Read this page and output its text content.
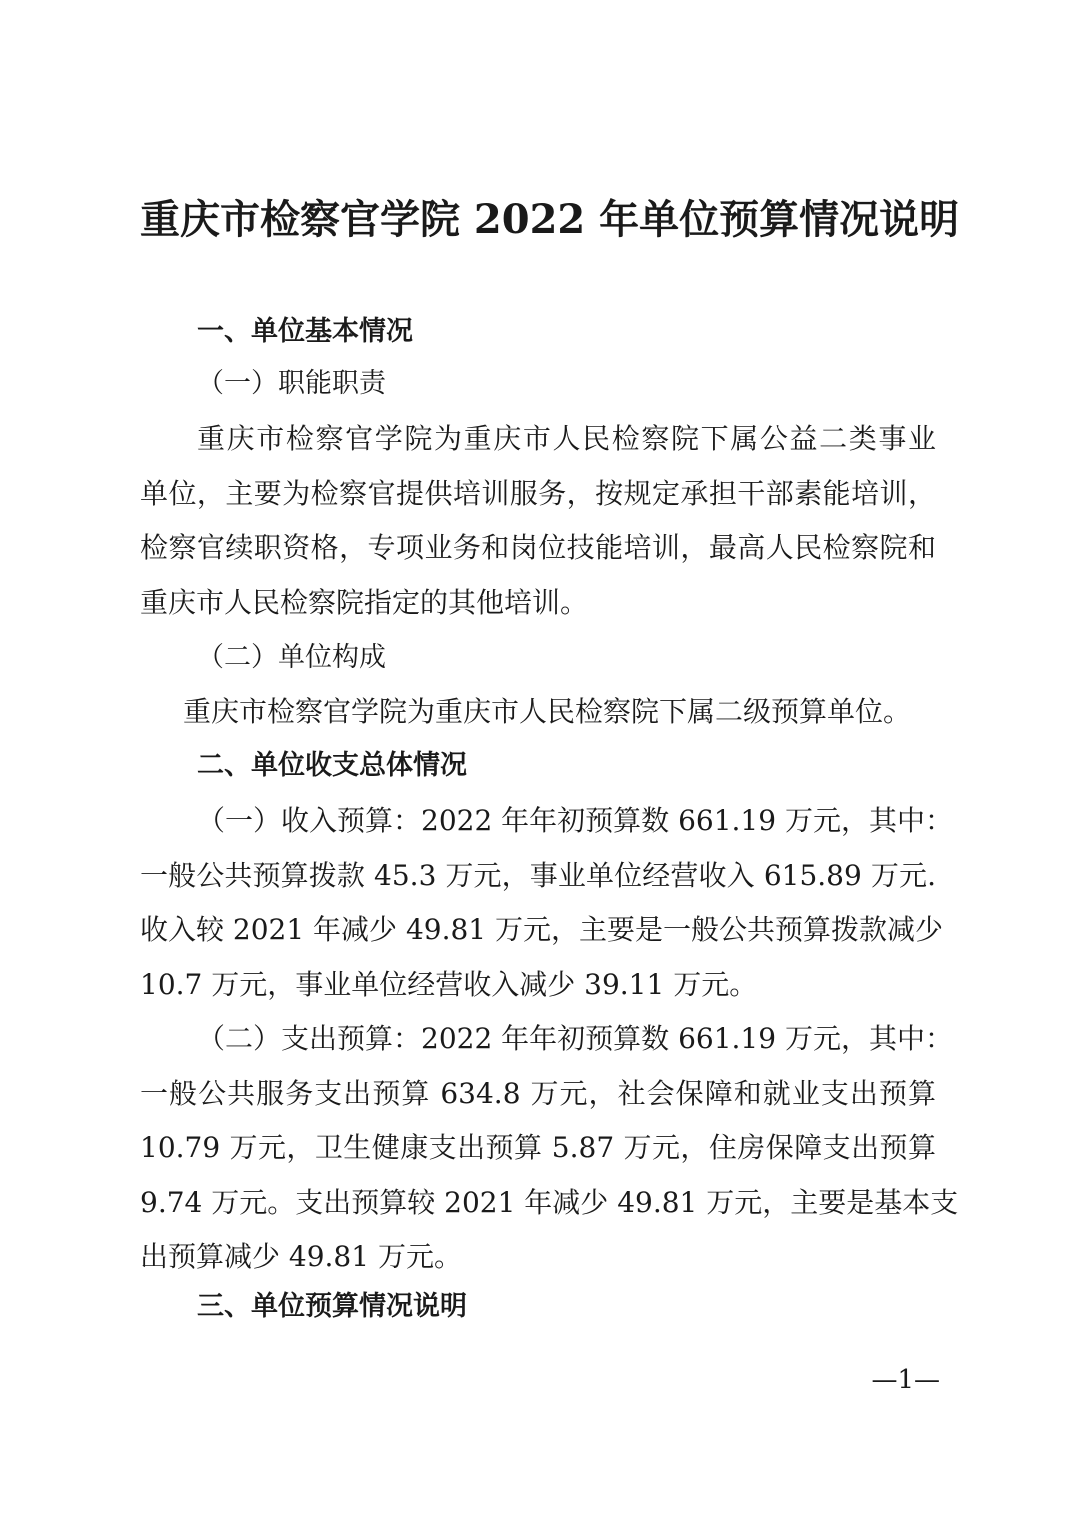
重庆市检察官学院 2022 年单位预算情况说明
一、单位基本情况
（一）职能职责
重庆市检察官学院为重庆市人民检察院下属公益二类事业
单位，主要为检察官提供培训服务，按规定承担干部素能培训，
检察官续职资格，专项业务和岗位技能培训，最高人民检察院和
重庆市人民检察院指定的其他培训。
（二）单位构成
重庆市检察官学院为重庆市人民检察院下属二级预算单位。
二、单位收支总体情况
（一）收入预算：2022 年年初预算数 661.19 万元，其中：
一般公共预算拨款 45.3 万元，事业单位经营收入 615.89 万元.
收入较 2021 年减少 49.81 万元，主要是一般公共预算拨款减少
10.7 万元，事业单位经营收入减少 39.11 万元。
（二）支出预算：2022 年年初预算数 661.19 万元，其中：
一般公共服务支出预算 634.8 万元，社会保障和就业支出预算
10.79 万元，卫生健康支出预算 5.87 万元，住房保障支出预算
9.74 万元。支出预算较 2021 年减少 49.81 万元，主要是基本支
出预算减少 49.81 万元。
三、单位预算情况说明
—1—
